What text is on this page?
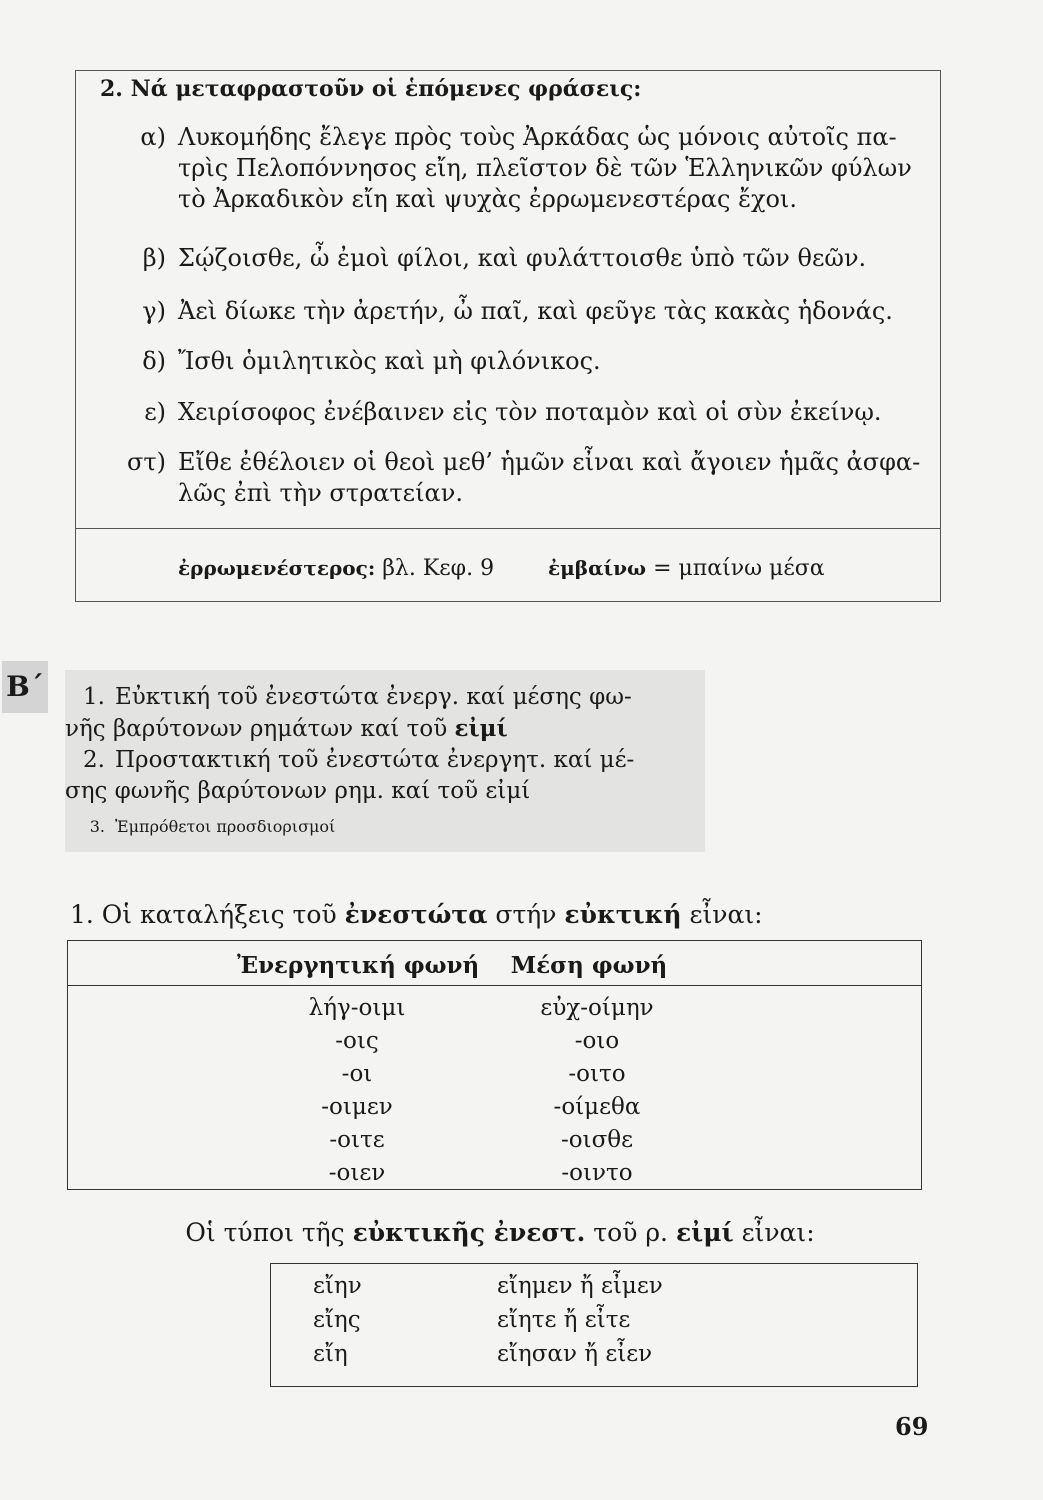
2. Νά μεταφραστοῦν οἱ ἑπόμενες φράσεις:
α) Λυκομήδης ἔλεγε πρὸς τοὺς Ἀρκάδας ὡς μόνοις αὐτοῖς πα-
τρὶς Πελοπόννησος εἴη, πλεῖστον δὲ τῶν Ἑλληνικῶν φύλων
τὸ Ἀρκαδικὸν εἴη καὶ ψυχὰς ἐρρωμενεστέρας ἔχοι.
β) Σῴζοισθε, ὦ ἐμοὶ φίλοι, καὶ φυλάττοισθε ὑπὸ τῶν θεῶν.
γ) Ἀεὶ δίωκε τὴν ἀρετήν, ὦ παῖ, καὶ φεῦγε τὰς κακὰς ἡδονάς.
δ) Ἴσθι ὁμιλητικὸς καὶ μὴ φιλόνικος.
ε) Χειρίσοφος ἐνέβαινεν εἰς τὸν ποταμὸν καὶ οἱ σὺν ἐκείνῳ.
στ) Εἴθε ἐθέλοιεν οἱ θεοὶ μεθ’ ἡμῶν εἶναι καὶ ἄγοιεν ἡμᾶς ἀσφα-
λῶς ἐπὶ τὴν στρατείαν.
ἐρρωμενέστερος: βλ. Κεφ. 9	ἐμβαίνω = μπαίνω μέσα
B΄	1. Εὐκτική τοῦ ἐνεστώτα ἐνεργ. καί μέσης φω-
νῆς βαρύτονων ρημάτων καί τοῦ εἰμί
2. Προστακτική τοῦ ἐνεστώτα ἐνεργητ. καί μέ-
σης φωνῆς βαρύτονων ρημ. καί τοῦ εἰμί
3. Ἐμπρόθετοι προσδιορισμοί
1. Οἱ καταλήξεις τοῦ ἐνεστώτα στήν εὐκτική εἶναι:
Ἐνεργητική φωνή	Μέση φωνή
λήγ-οιμι	εὐχ-οίμην
-οις	-οιο
-οι	-οιτο
-οιμεν	-οίμεθα
-οιτε	-οισθε
-οιεν	-οιντο
Οἱ τύποι τῆς εὐκτικῆς ἐνεστ. τοῦ ρ. εἰμί εἶναι:
εἴην	εἴημεν ἤ εἶμεν
εἴης	εἴητε ἤ εἶτε
εἴη	εἴησαν ἤ εἶεν
69
